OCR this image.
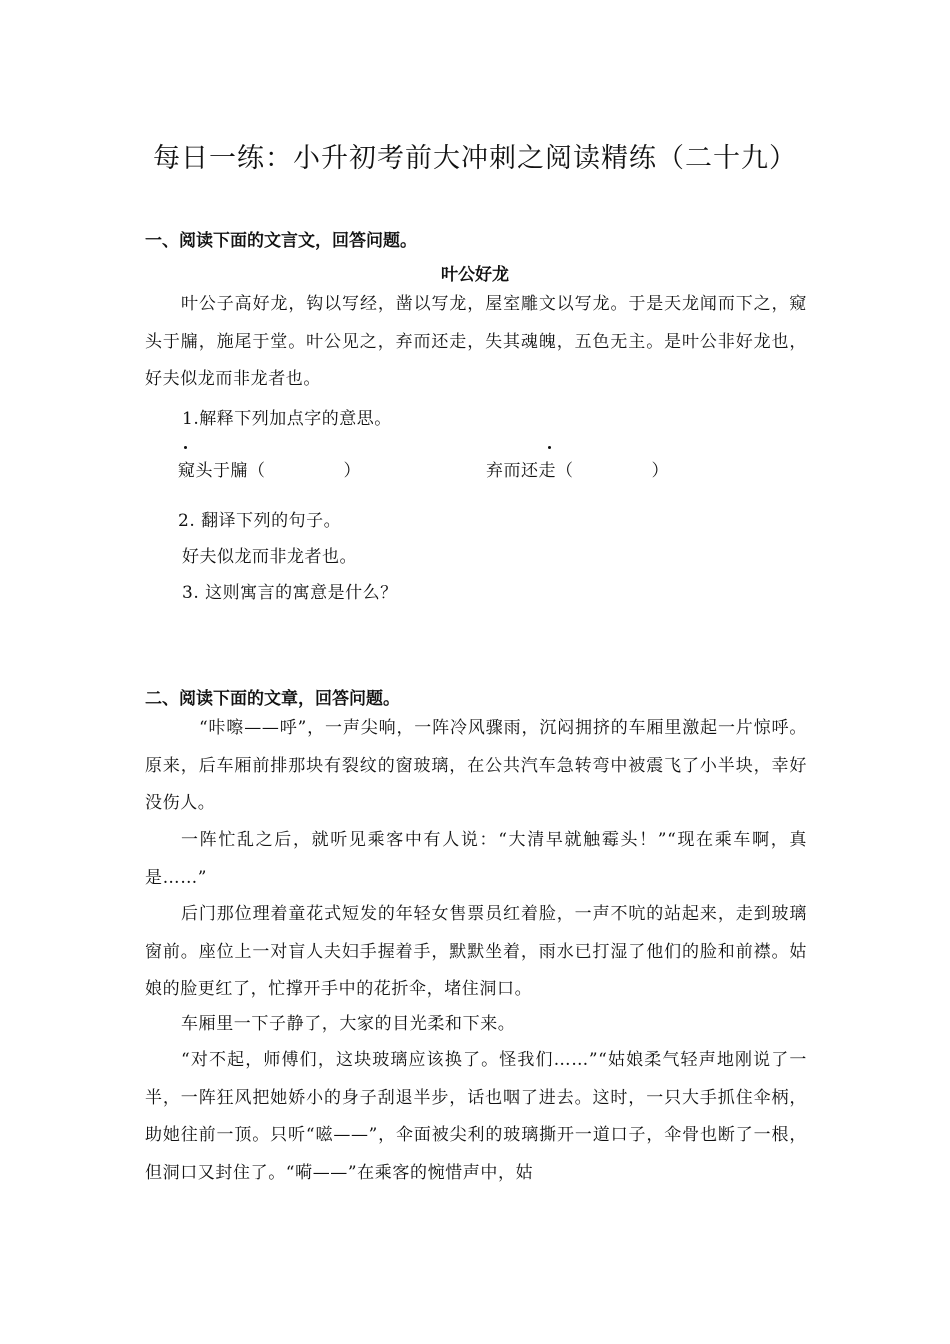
每日一练：小升初考前大冲刺之阅读精练（二十九）
一、阅读下面的文言文，回答问题。
叶公好龙

叶公子高好龙，钩以写经，凿以写龙，屋室雕文以写龙。于是天龙闻而下之，窥头于牖，施尾于堂。叶公见之，弃而还走，失其魂魄，五色无主。是叶公非好龙也，好夫似龙而非龙者也。

1.解释下列加点字的意思。
窥头于牖（	）	弃而还走（	）
2. 翻译下列的句子。
好夫似龙而非龙者也。
3. 这则寓言的寓意是什么？
二、阅读下面的文章，回答问题。

“咔嚓——呼”，一声尖响，一阵冷风骤雨，沉闷拥挤的车厢里激起一片惊呼。原来，后车厢前排那块有裂纹的窗玻璃，在公共汽车急转弯中被震飞了小半块，幸好没伤人。

一阵忙乱之后，就听见乘客中有人说：“大清早就触霉头！”“现在乘车啊，真是……”

后门那位理着童花式短发的年轻女售票员红着脸，一声不吭的站起来，走到玻璃窗前。座位上一对盲人夫妇手握着手，默默坐着，雨水已打湿了他们的脸和前襟。姑娘的脸更红了，忙撑开手中的花折伞，堵住洞口。

车厢里一下子静了，大家的目光柔和下来。

“对不起，师傅们，这块玻璃应该换了。怪我们……”“姑娘柔气轻声地刚说了一半，一阵狂风把她娇小的身子刮退半步，话也咽了进去。这时，一只大手抓住伞柄，助她往前一顶。只听“嗞——”，伞面被尖利的玻璃撕开一道口子，伞骨也断了一根，但洞口又封住了。“嗬——”在乘客的惋惜声中，姑
